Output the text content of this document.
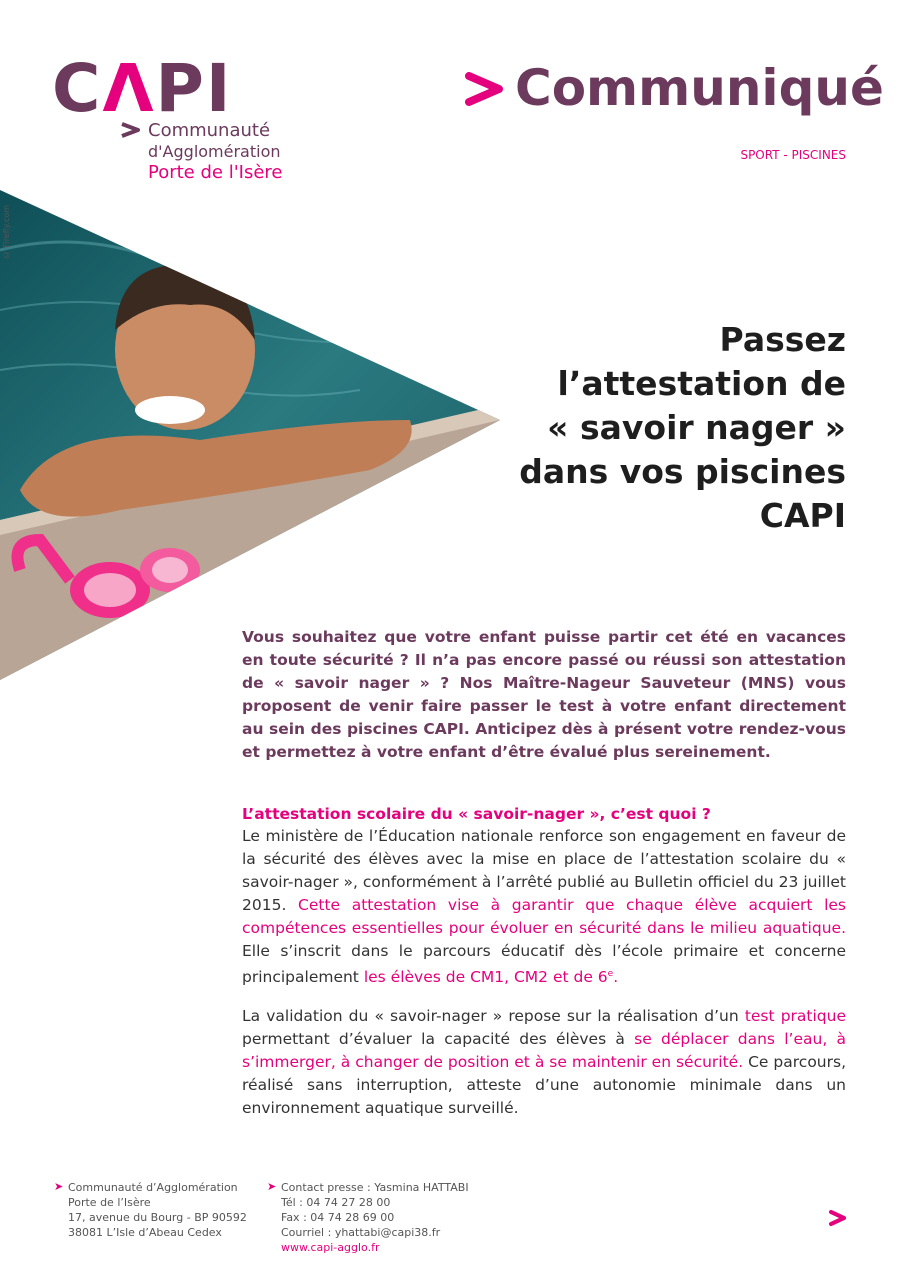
CΛPI
Communauté
d'Agglomération
Porte de l'Isère
Communiqué
SPORT - PISCINES
© Firefly.com
Passez
l’attestation de
« savoir nager »
dans vos piscines
CAPI
Vous souhaitez que votre enfant puisse partir cet été en vacances en toute sécurité ? Il n’a pas encore passé ou réussi son attestation de « savoir nager » ? Nos Maître-Nageur Sauveteur (MNS) vous proposent de venir faire passer le test à votre enfant directement au sein des piscines CAPI. Anticipez dès à présent votre rendez-vous et permettez à votre enfant d’être évalué plus sereinement.
L’attestation scolaire du « savoir-nager », c’est quoi ?
Le ministère de l’Éducation nationale renforce son engagement en faveur de la sécurité des élèves avec la mise en place de l’attestation scolaire du « savoir-nager », conformément à l’arrêté publié au Bulletin officiel du 23 juillet 2015. Cette attestation vise à garantir que chaque élève acquiert les compétences essentielles pour évoluer en sécurité dans le milieu aquatique. Elle s’inscrit dans le parcours éducatif dès l’école primaire et concerne principalement les élèves de CM1, CM2 et de 6e.
La validation du « savoir-nager » repose sur la réalisation d’un test pratique permettant d’évaluer la capacité des élèves à se déplacer dans l’eau, à s’immerger, à changer de position et à se maintenir en sécurité. Ce parcours, réalisé sans interruption, atteste d’une autonomie minimale dans un environnement aquatique surveillé.
➤ Communauté d’Agglomération
Porte de l’Isère
17, avenue du Bourg - BP 90592
38081 L’Isle d’Abeau Cedex
➤ Contact presse : Yasmina HATTABI
Tél : 04 74 27 28 00
Fax : 04 74 28 69 00
Courriel : yhattabi@capi38.fr
www.capi-agglo.fr
